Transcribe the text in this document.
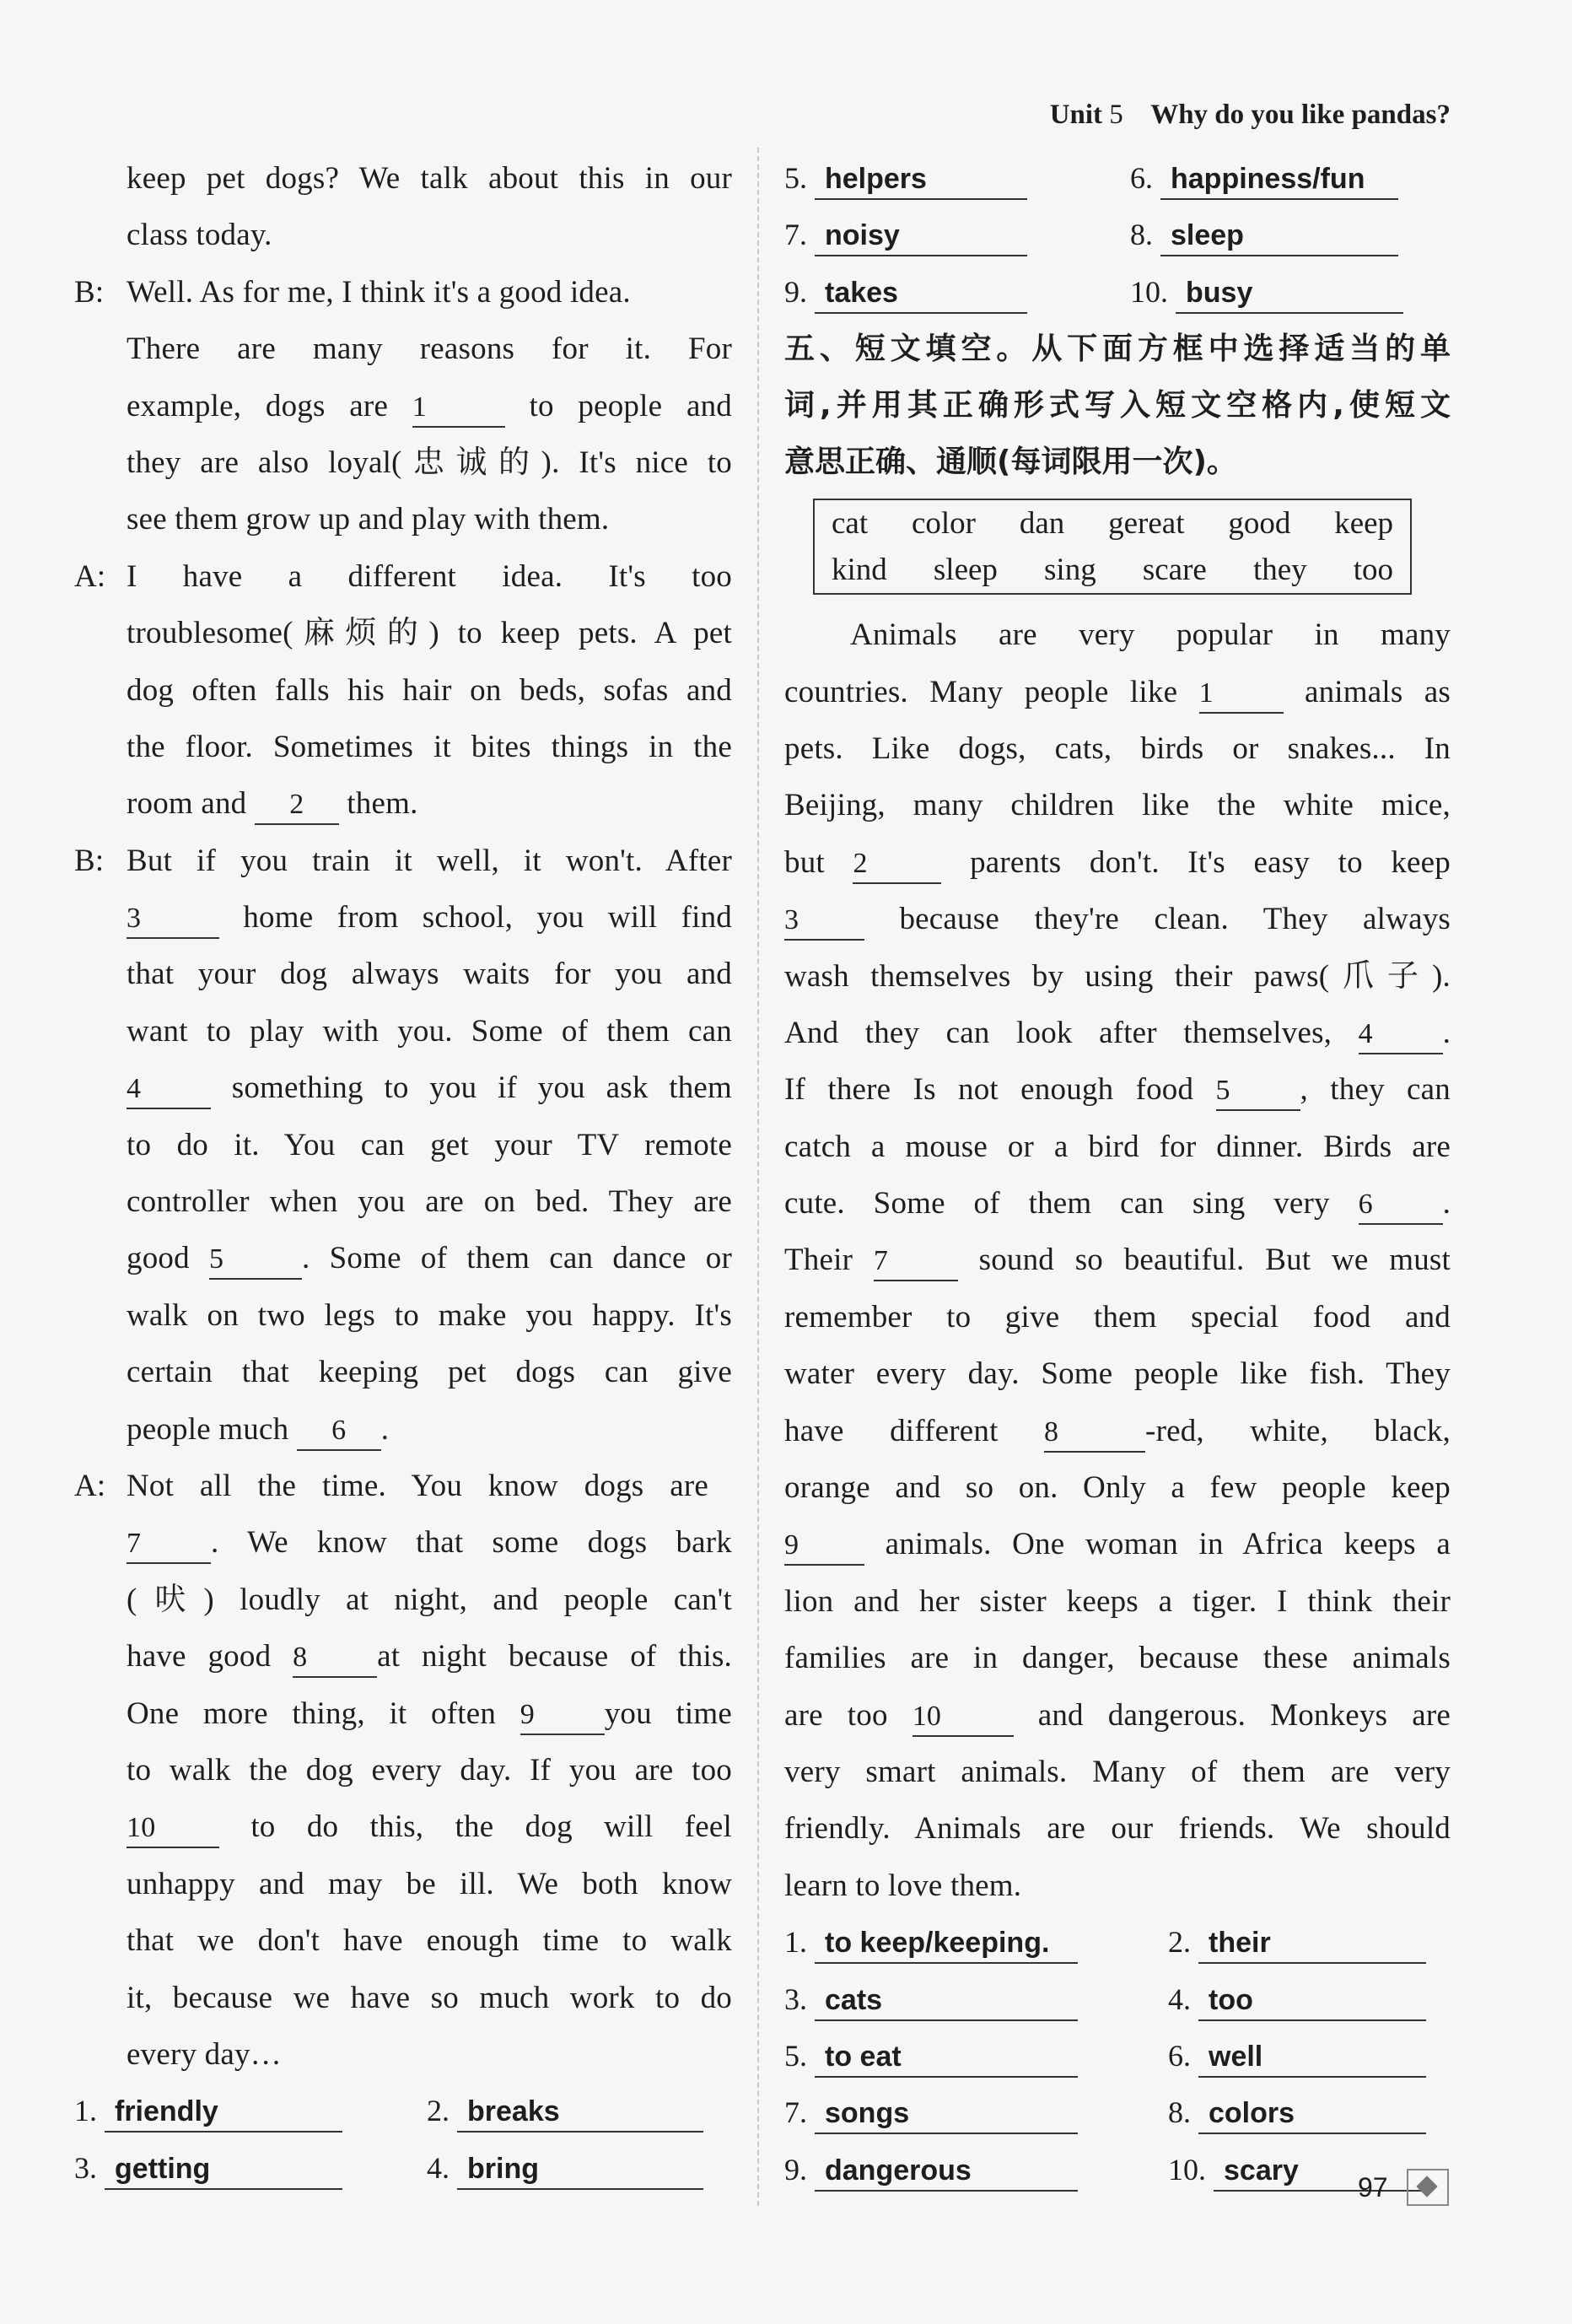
Unit 5 Why do you like pandas?
keep pet dogs? We talk about this in our
class today.
B: Well. As for me, I think it's a good idea.
There are many reasons for it. For
example, dogs are 1	to people and
they are also loyal(忠诚的). It's nice to
see them grow up and play with them.
A: I have a different idea. It's too
troublesome(麻烦的) to keep pets. A pet
dog often falls his hair on beds, sofas and
the floor. Sometimes it bites things in the
room and 2 them.
B: But if you train it well, it won't. After
3	home from school, you will find
that your dog always waits for you and
want to play with you. Some of them can
4	something to you if you ask them
to do it. You can get your TV remote
controller when you are on bed. They are
good 5	. Some of them can dance or
walk on two legs to make you happy. It's
certain that keeping pet dogs can give
people much 6 .
A: Not all the time. You know dogs are
7 . We know that some dogs bark
(吠) loudly at night, and people can't
have good 8 at night because of this.
One more thing, it often 9 you time
to walk the dog every day. If you are too
10	to do this, the dog will feel
unhappy and may be ill. We both know
that we don't have enough time to walk
it, because we have so much work to do
every day…
1. friendly	2. breaks
3. getting	4. bring
5. helpers	6. happiness/fun
7. noisy	8. sleep
9. takes	10. busy
五、短文填空。从下面方框中选择适当的单
词,并用其正确形式写入短文空格内,使短文
意思正确、通顺(每词限用一次)。
cat color dan gereat good keep
kind sleep sing scare they too
Animals are very popular in many
countries. Many people like 1	animals as
pets. Like dogs, cats, birds or snakes... In
Beijing, many children like the white mice,
but 2	parents don't. It's easy to keep
3	because they're clean. They always
wash themselves by using their paws(爪子).
And they can look after themselves, 4 .
If there Is not enough food 5 , they can
catch a mouse or a bird for dinner. Birds are
cute. Some of them can sing very 6 .
Their 7	sound so beautiful. But we must
remember to give them special food and
water every day. Some people like fish. They
have different 8	-red, white, black,
orange and so on. Only a few people keep
9	animals. One woman in Africa keeps a
lion and her sister keeps a tiger. I think their
families are in danger, because these animals
are too 10	and dangerous. Monkeys are
very smart animals. Many of them are very
friendly. Animals are our friends. We should
learn to love them.
1. to keep/keeping.	2. their
3. cats	4. too
5. to eat	6. well
7. songs	8. colors
9. dangerous	10. scary
97
